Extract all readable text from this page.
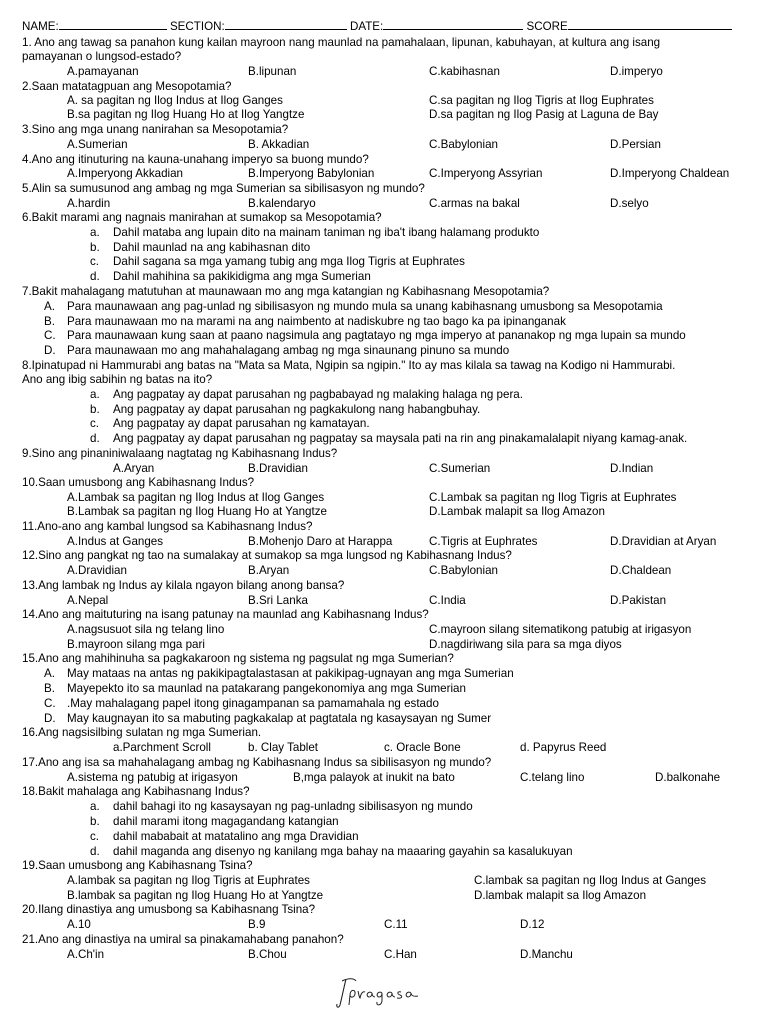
NAME:	SECTION:	DATE:	SCORE
1. Ano ang tawag sa panahon kung kailan mayroon nang maunlad na pamahalaan, lipunan, kabuhayan, at kultura ang isang
pamayanan o lungsod-estado?
A.pamayanan	B.lipunan	C.kabihasnan	D.imperyo
2.Saan matatagpuan ang Mesopotamia?
A. sa pagitan ng Ilog Indus at Ilog Ganges	C.sa pagitan ng Ilog Tigris at Ilog Euphrates
B.sa pagitan ng Ilog Huang Ho at Ilog Yangtze	D.sa pagitan ng Ilog Pasig at Laguna de Bay
3.Sino ang mga unang nanirahan sa Mesopotamia?
A.Sumerian	B. Akkadian	C.Babylonian	D.Persian
4.Ano ang itinuturing na kauna-unahang imperyo sa buong mundo?
A.Imperyong Akkadian	B.Imperyong Babylonian	C.Imperyong Assyrian	D.Imperyong Chaldean
5.Alin sa sumusunod ang ambag ng mga Sumerian sa sibilisasyon ng mundo?
A.hardin	B.kalendaryo	C.armas na bakal	D.selyo
6.Bakit marami ang nagnais manirahan at sumakop sa Mesopotamia?
a. Dahil mataba ang lupain dito na mainam taniman ng iba't ibang halamang produkto
b. Dahil maunlad na ang kabihasnan dito
c. Dahil sagana sa mga yamang tubig ang mga Ilog Tigris at Euphrates
d. Dahil mahihina sa pakikidigma ang mga Sumerian
7.Bakit mahalagang matutuhan at maunawaan mo ang mga katangian ng Kabihasnang Mesopotamia?
A. Para maunawaan ang pag-unlad ng sibilisasyon ng mundo mula sa unang kabihasnang umusbong sa Mesopotamia
B. Para maunawaan mo na marami na ang naimbento at nadiskubre ng tao bago ka pa ipinanganak
C. Para maunawaan kung saan at paano nagsimula ang pagtatayo ng mga imperyo at pananakop ng mga lupain sa mundo
D. Para maunawaan mo ang mahahalagang ambag ng mga sinaunang pinuno sa mundo
8.Ipinatupad ni Hammurabi ang batas na "Mata sa Mata, Ngipin sa ngipin." Ito ay mas kilala sa tawag na Kodigo ni Hammurabi.
Ano ang ibig sabihin ng batas na ito?
a. Ang pagpatay ay dapat parusahan ng pagbabayad ng malaking halaga ng pera.
b. Ang pagpatay ay dapat parusahan ng pagkakulong nang habangbuhay.
c. Ang pagpatay ay dapat parusahan ng kamatayan.
d. Ang pagpatay ay dapat parusahan ng pagpatay sa maysala pati na rin ang pinakamalalapit niyang kamag-anak.
9.Sino ang pinaniniwalaang nagtatag ng Kabihasnang Indus?
A.Aryan	B.Dravidian	C.Sumerian	D.Indian
10.Saan umusbong ang Kabihasnang Indus?
A.Lambak sa pagitan ng Ilog Indus at Ilog Ganges	C.Lambak sa pagitan ng Ilog Tigris at Euphrates
B.Lambak sa pagitan ng Ilog Huang Ho at Yangtze	D.Lambak malapit sa Ilog Amazon
11.Ano-ano ang kambal lungsod sa Kabihasnang Indus?
A.Indus at Ganges	B.Mohenjo Daro at Harappa	C.Tigris at Euphrates	D.Dravidian at Aryan
12.Sino ang pangkat ng tao na sumalakay at sumakop sa mga lungsod ng Kabihasnang Indus?
A.Dravidian	B.Aryan	C.Babylonian	D.Chaldean
13.Ang lambak ng Indus ay kilala ngayon bilang anong bansa?
A.Nepal	B.Sri Lanka	C.India	D.Pakistan
14.Ano ang maituturing na isang patunay na maunlad ang Kabihasnang Indus?
A.nagsusuot sila ng telang lino	C.mayroon silang sitematikong patubig at irigasyon
B.mayroon silang mga pari	D.nagdiriwang sila para sa mga diyos
15.Ano ang mahihinuha sa pagkakaroon ng sistema ng pagsulat ng mga Sumerian?
A. May mataas na antas ng pakikipagtalastasan at pakikipag-ugnayan ang mga Sumerian
B. Mayepekto ito sa maunlad na patakarang pangekonomiya ang mga Sumerian
C. .May mahalagang papel itong ginagampanan sa pamamahala ng estado
D. May kaugnayan ito sa mabuting pagkakalap at pagtatala ng kasaysayan ng Sumer
16.Ang nagsisilbing sulatan ng mga Sumerian.
a.Parchment Scroll	b. Clay Tablet	c. Oracle Bone	d. Papyrus Reed
17.Ano ang isa sa mahahalagang ambag ng Kabihasnang Indus sa sibilisasyon ng mundo?
A.sistema ng patubig at irigasyon	B,mga palayok at inukit na bato	C.telang lino	D.balkonahe
18.Bakit mahalaga ang Kabihasnang Indus?
a. dahil bahagi ito ng kasaysayan ng pag-unladng sibilisasyon ng mundo
b. dahil marami itong magagandang katangian
c. dahil mababait at matatalino ang mga Dravidian
d. dahil maganda ang disenyo ng kanilang mga bahay na maaaring gayahin sa kasalukuyan
19.Saan umusbong ang Kabihasnang Tsina?
A.lambak sa pagitan ng Ilog Tigris at Euphrates	C.lambak sa pagitan ng Ilog Indus at Ganges
B.lambak sa pagitan ng Ilog Huang Ho at Yangtze	D.lambak malapit sa Ilog Amazon
20.Ilang dinastiya ang umusbong sa Kabihasnang Tsina?
A.10	B.9	C.11	D.12
21.Ano ang dinastiya na umiral sa pinakamahabang panahon?
A.Ch'in	B.Chou	C.Han	D.Manchu
